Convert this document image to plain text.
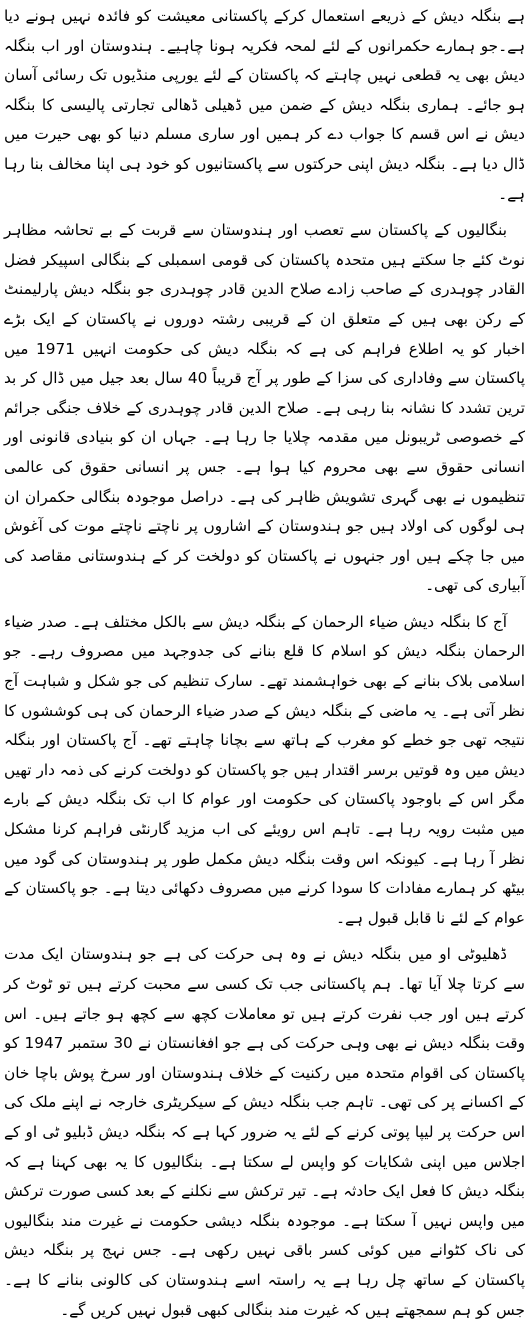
ہے بنگلہ دیش کے ذریعے استعمال کرکے پاکستانی معیشت کو فائدہ نہیں ہونے دیا ہے۔جو ہمارے حکمرانوں کے لئے لمحہ فکریہ ہونا چاہیے۔ ہندوستان اور اب بنگلہ دیش بھی یہ قطعی نہیں چاہتے کہ پاکستان کے لئے یورپی منڈیوں تک رسائی آسان ہو جائے۔ ہماری بنگلہ دیش کے ضمن میں ڈھیلی ڈھالی تجارتی پالیسی کا بنگلہ دیش نے اس قسم کا جواب دے کر ہمیں اور ساری مسلم دنیا کو بھی حیرت میں ڈال دیا ہے۔ بنگلہ دیش اپنی حرکتوں سے پاکستانیوں کو خود ہی اپنا مخالف بنا رہا ہے۔

بنگالیوں کے پاکستان سے تعصب اور ہندوستان سے قربت کے بے تحاشہ مظاہر نوٹ کئے جا سکتے ہیں متحدہ پاکستان کی قومی اسمبلی کے بنگالی اسپیکر فضل القادر چوہدری کے صاحب زادے صلاح الدین قادر چوہدری جو بنگلہ دیش پارلیمنٹ کے رکن بھی ہیں کے متعلق ان کے قریبی رشتہ دوروں نے پاکستان کے ایک بڑے اخبار کو یہ اطلاع فراہم کی ہے کہ بنگلہ دیش کی حکومت انہیں 1971 میں پاکستان سے وفاداری کی سزا کے طور پر آج قریباً 40 سال بعد جیل میں ڈال کر بد ترین تشدد کا نشانہ بنا رہی ہے۔ صلاح الدین قادر چوہدری کے خلاف جنگی جرائم کے خصوصی ٹریبونل میں مقدمہ چلایا جا رہا ہے۔ جہاں ان کو بنیادی قانونی اور انسانی حقوق سے بھی محروم کیا ہوا ہے۔ جس پر انسانی حقوق کی عالمی تنظیموں نے بھی گہری تشویش ظاہر کی ہے۔ دراصل موجودہ بنگالی حکمران ان ہی لوگوں کی اولاد ہیں جو ہندوستان کے اشاروں پر ناچتے ناچتے موت کی آغوش میں جا چکے ہیں اور جنہوں نے پاکستان کو دولخت کر کے ہندوستانی مقاصد کی آبیاری کی تھی۔

آج کا بنگلہ دیش ضیاء الرحمان کے بنگلہ دیش سے بالکل مختلف ہے۔ صدر ضیاء الرحمان بنگلہ دیش کو اسلام کا قلع بنانے کی جدوجہد میں مصروف رہے۔ جو اسلامی بلاک بنانے کے بھی خواہشمند تھے۔ سارک تنظیم کی جو شکل و شباہت آج نظر آتی ہے۔ یہ ماضی کے بنگلہ دیش کے صدر ضیاء الرحمان کی ہی کوششوں کا نتیجہ تھی جو خطے کو مغرب کے ہاتھ سے بچانا چاہتے تھے۔ آج پاکستان اور بنگلہ دیش میں وہ قوتیں برسر اقتدار ہیں جو پاکستان کو دولخت کرنے کی ذمہ دار تھیں مگر اس کے باوجود پاکستان کی حکومت اور عوام کا اب تک بنگلہ دیش کے بارے میں مثبت رویہ رہا ہے۔ تاہم اس رویئے کی اب مزید گارنٹی فراہم کرنا مشکل نظر آ رہا ہے۔ کیونکہ اس وقت بنگلہ دیش مکمل طور پر ہندوستان کی گود میں بیٹھ کر ہمارے مفادات کا سودا کرنے میں مصروف دکھائی دیتا ہے۔ جو پاکستان کے عوام کے لئے نا قابل قبول ہے۔

ڈھلیوٹی او میں بنگلہ دیش نے وہ ہی حرکت کی ہے جو ہندوستان ایک مدت سے کرتا چلا آیا تھا۔ ہم پاکستانی جب تک کسی سے محبت کرتے ہیں تو ٹوٹ کر کرتے ہیں اور جب نفرت کرتے ہیں تو معاملات کچھ سے کچھ ہو جاتے ہیں۔ اس وقت بنگلہ دیش نے بھی وہی حرکت کی ہے جو افغانستان نے 30 ستمبر 1947 کو پاکستان کی اقوام متحدہ میں رکنیت کے خلاف ہندوستان اور سرخ پوش باچا خان کے اکسانے پر کی تھی۔ تاہم جب بنگلہ دیش کے سیکریٹری خارجہ نے اپنے ملک کی اس حرکت پر لیپا پوتی کرنے کے لئے یہ ضرور کہا ہے کہ بنگلہ دیش ڈبلیو ٹی او کے اجلاس میں اپنی شکایات کو واپس لے سکتا ہے۔ بنگالیوں کا یہ بھی کہنا ہے کہ بنگلہ دیش کا فعل ایک حادثہ ہے۔ تیر ترکش سے نکلنے کے بعد کسی صورت ترکش میں واپس نہیں آ سکتا ہے۔ موجودہ بنگلہ دیشی حکومت نے غیرت مند بنگالیوں کی ناک کٹوانے میں کوئی کسر باقی نہیں رکھی ہے۔ جس نہج پر بنگلہ دیش پاکستان کے ساتھ چل رہا ہے یہ راستہ اسے ہندوستان کی کالونی بنانے کا ہے۔ جس کو ہم سمجھتے ہیں کہ غیرت مند بنگالی کبھی قبول نہیں کریں گے۔
